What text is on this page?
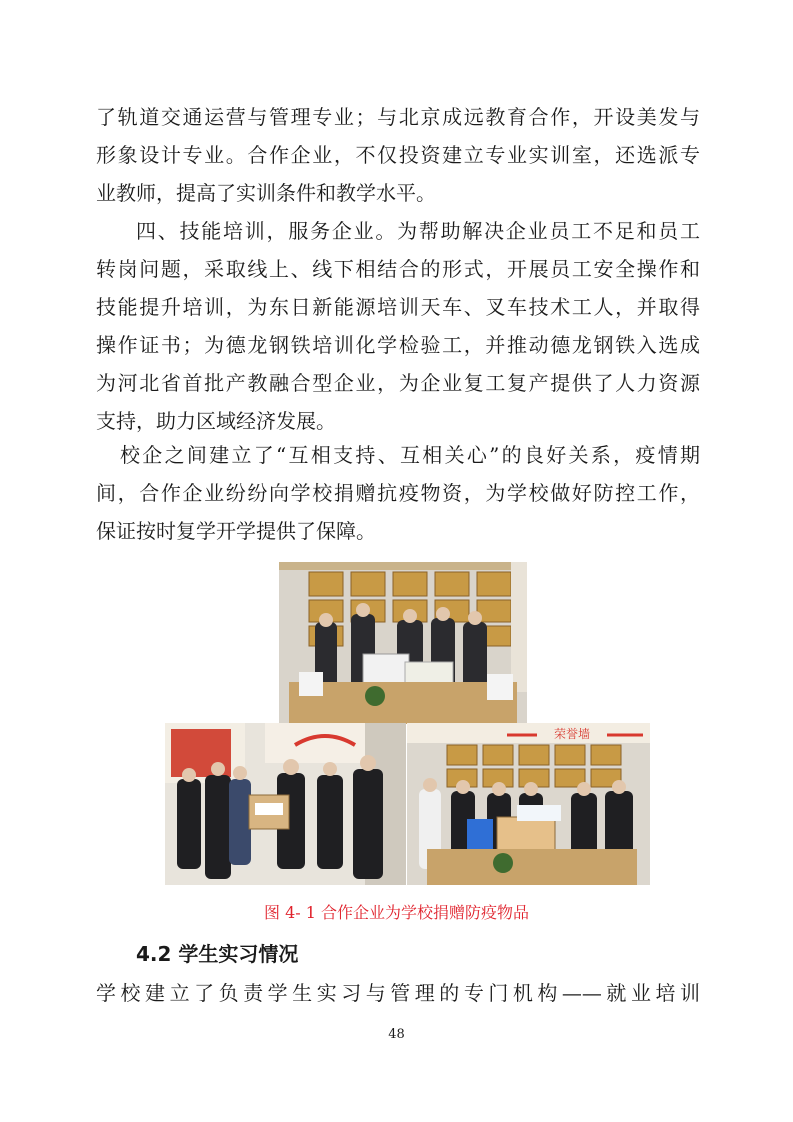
了轨道交通运营与管理专业；与北京成远教育合作，开设美发与
形象设计专业。合作企业，不仅投资建立专业实训室，还选派专
业教师，提高了实训条件和教学水平。
四、技能培训，服务企业。为帮助解决企业员工不足和员工
转岗问题，采取线上、线下相结合的形式，开展员工安全操作和
技能提升培训，为东日新能源培训天车、叉车技术工人，并取得
操作证书；为德龙钢铁培训化学检验工，并推动德龙钢铁入选成
为河北省首批产教融合型企业，为企业复工复产提供了人力资源
支持，助力区域经济发展。
校企之间建立了“互相支持、互相关心”的良好关系，疫情期
间，合作企业纷纷向学校捐赠抗疫物资，为学校做好防控工作，
保证按时复学开学提供了保障。
荣誉墙
图 4- 1 合作企业为学校捐赠防疫物品
4.2 学生实习情况
学校建立了负责学生实习与管理的专门机构——就业培训
48
